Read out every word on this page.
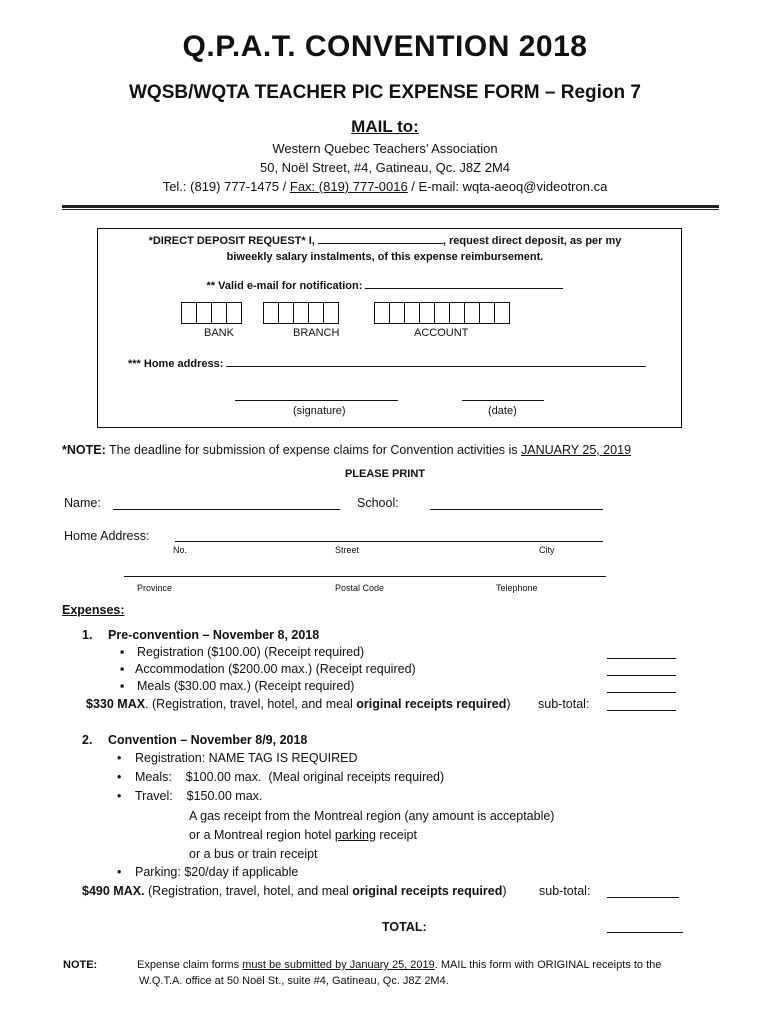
Q.P.A.T. CONVENTION 2018
WQSB/WQTA TEACHER PIC EXPENSE FORM – Region 7
MAIL to:
Western Quebec Teachers’ Association
50, Noël Street, #4, Gatineau, Qc. J8Z 2M4
Tel.: (819) 777-1475 / Fax: (819) 777-0016 / E-mail: wqta-aeoq@videotron.ca
*DIRECT DEPOSIT REQUEST* I,	, request direct deposit, as per my
biweekly salary instalments, of this expense reimbursement.
** Valid e-mail for notification:
BANK	BRANCH	ACCOUNT
*** Home address:
(signature)	(date)
*NOTE: The deadline for submission of expense claims for Convention activities is JANUARY 25, 2019
PLEASE PRINT
Name:	School:
Home Address:
No.	Street	City
Province	Postal Code	Telephone
Expenses:
1. Pre-convention – November 8, 2018
▪ Registration ($100.00) (Receipt required)
▪ Accommodation ($200.00 max.) (Receipt required)
▪ Meals ($30.00 max.) (Receipt required)
$330 MAX. (Registration, travel, hotel, and meal original receipts required) sub-total:
2. Convention – November 8/9, 2018
• Registration: NAME TAG IS REQUIRED
• Meals:    $100.00 max.  (Meal original receipts required)
• Travel:    $150.00 max.
A gas receipt from the Montreal region (any amount is acceptable)
or a Montreal region hotel parking receipt
or a bus or train receipt
• Parking: $20/day if applicable
$490 MAX. (Registration, travel, hotel, and meal original receipts required)	sub-total:
TOTAL:
NOTE:	Expense claim forms must be submitted by January 25, 2019. MAIL this form with ORIGINAL receipts to the
W.Q.T.A. office at 50 Noël St., suite #4, Gatineau, Qc. J8Z 2M4.
